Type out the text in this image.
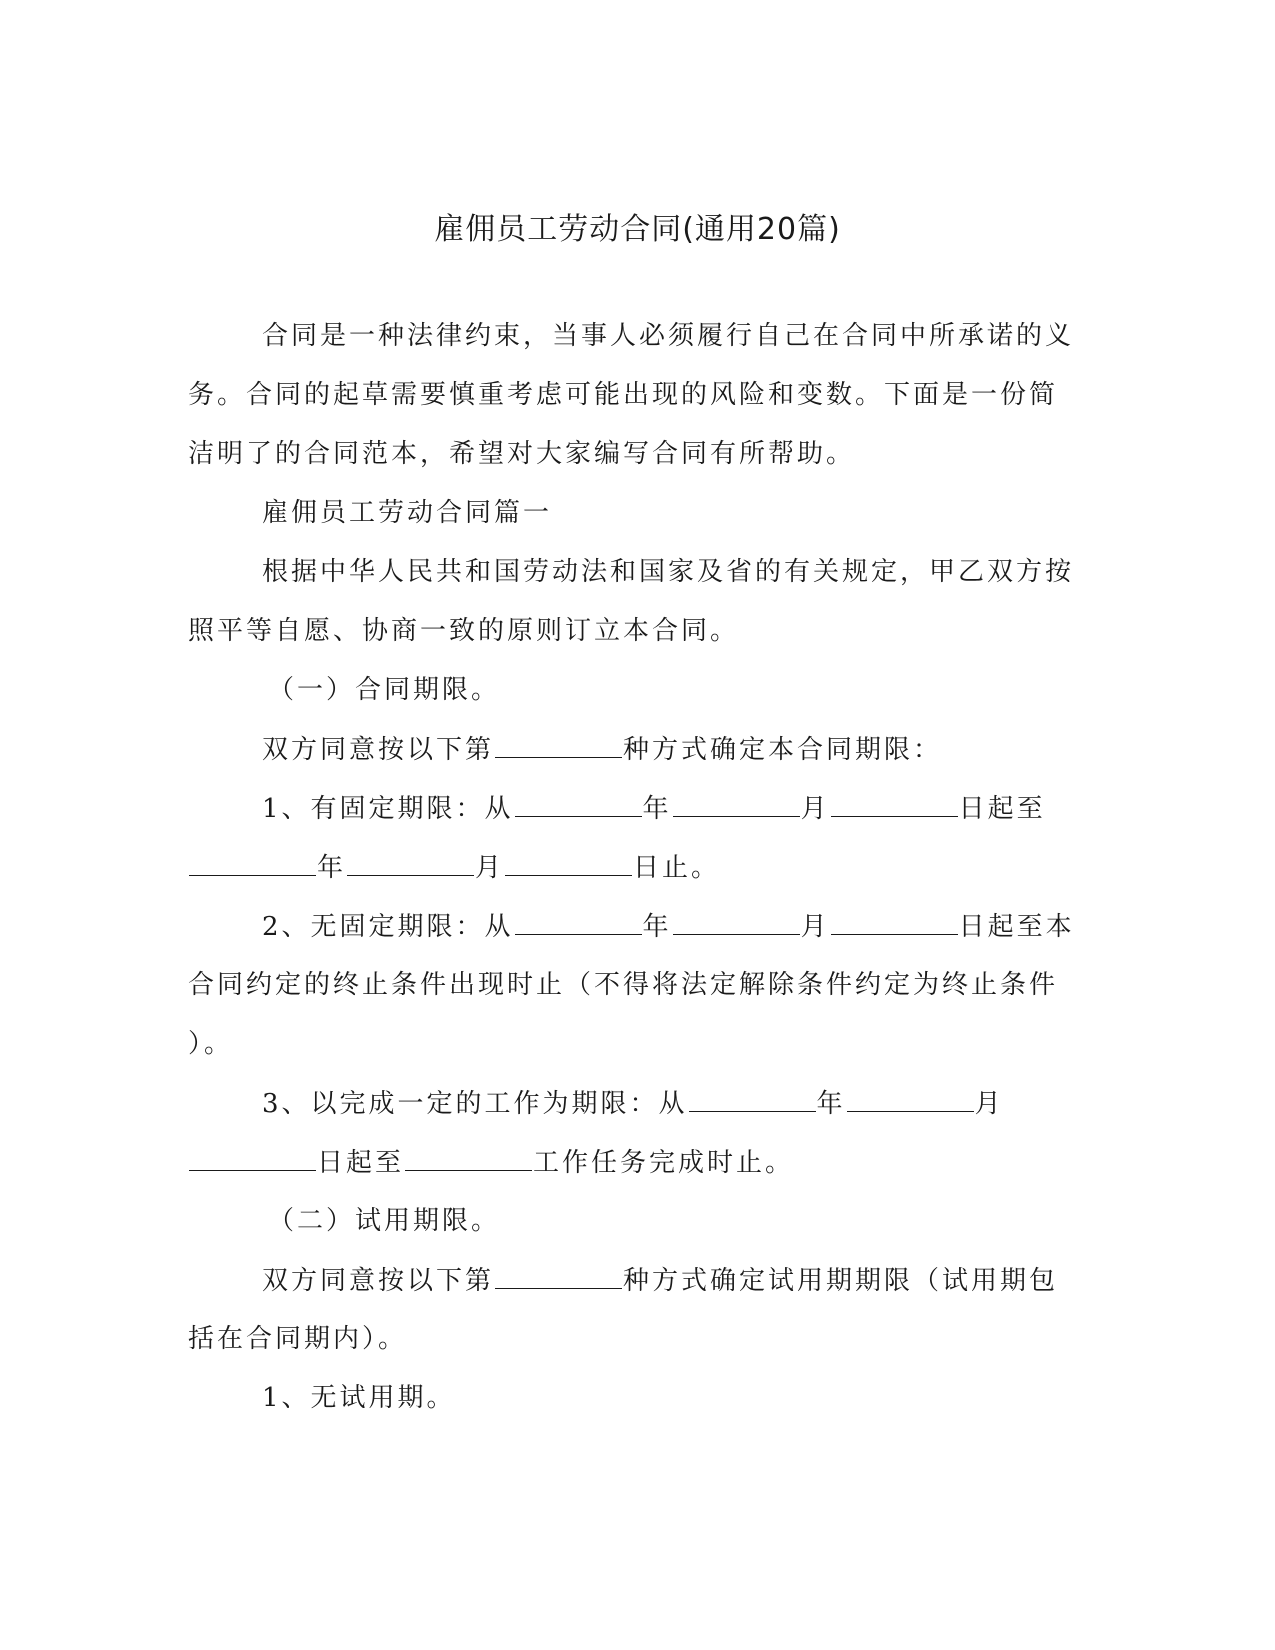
雇佣员工劳动合同(通用20篇)
合同是一种法律约束，当事人必须履行自己在合同中所承诺的义
务。合同的起草需要慎重考虑可能出现的风险和变数。下面是一份简
洁明了的合同范本，希望对大家编写合同有所帮助。
雇佣员工劳动合同篇一
根据中华人民共和国劳动法和国家及省的有关规定，甲乙双方按
照平等自愿、协商一致的原则订立本合同。
（一）合同期限。
双方同意按以下第	种方式确定本合同期限：
1、有固定期限：从	年	月	日起至
年	月	日止。
2、无固定期限：从	年	月	日起至本
合同约定的终止条件出现时止（不得将法定解除条件约定为终止条件
）。
3、以完成一定的工作为期限：从	年	月
日起至	工作任务完成时止。
（二）试用期限。
双方同意按以下第	种方式确定试用期期限（试用期包
括在合同期内）。
1、无试用期。
